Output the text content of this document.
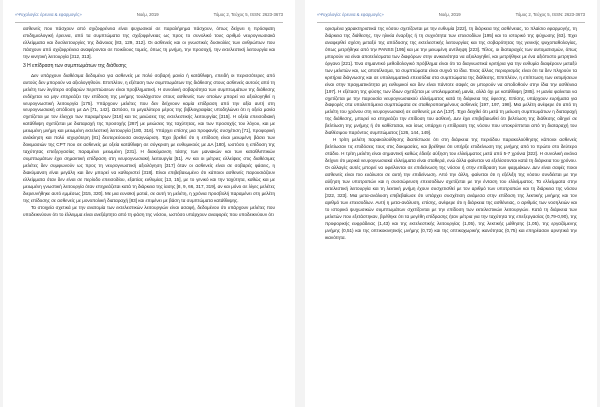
«Ψυχολογία: έρευνα & εφαρμογές»	Νοέμ, 2019	Τόμος 2, Τεύχος 5, ISSN: 2623-3673

ασθενείς που πάσχουν από σχιζοφρένεια είναι ψυχωσικοί σε παραλήρημα πάσχουν, όπως δείχνει η πρόσφατη επιδημιολογική έρευνα, από τα συμπτώματα της σχιζοφρένειας ως προς το συνολικό τους αριθμό νευρογνωσιακά ελλείμματα και δυσλειτουργίες της διάνοιας [83, 129, 312]. Οι ασθενείς και οι γνωστικές δυσκολίες των ανθρώπων που πάσχουν από σχιζοφρένεια αναφέρονται σε ποικίλους τομείς, όπως τη μνήμη, την προσοχή, την εκτελεστική λειτουργία και την κινητική λειτουργία [312, 313].

3 Η επίδραση των συμπτωμάτων της διάθεσης

Δεν υπάρχουν διαθέσιμα δεδομένα για ασθενείς με πολύ σοβαρή μανία ή κατάθλιψη, επειδή οι περισσότερες από αυτούς δεν μπορούν να αξιολογηθούν. Επιπλέον, η εξέταση των συμπτωμάτων της διάθεσης στους ασθενείς αυτούς από τη μελέτη των λιγότερο σοβαρών περιπτώσεων είναι προβληματική. Η συνολική σοβαρότητα των συμπτωμάτων της διάθεσης ενδέχεται να μην επηρεάζει την επίδοση της μνήμης τουλάχιστον στους ασθενείς των οποίων μπορεί να αξιολογηθεί η νευρογνωστική λειτουργία [175]. Υπάρχουν μελέτες που δεν δείχνουν καμία επίδραση από την αξία αυτή στη νευρογνωσιακή απόδοση με ΔΑ [71, 142]. Ωστόσο, το μεγαλύτερο μέρος της βιβλιογραφίας υποδηλώνει ότι η οξεία μανία σχετίζεται με τον έλεγχο των παραμέτρων [316] και τις μειώσεις της εκτελεστικής λειτουργίας [315]. Η οξεία επεισοδιακή κατάθλιψη σχετίζεται με διαταραχή της προσοχής [287] με μειώσεις της ταχύτητας, και των προσοχής του λόγου, και με μειωμένη μνήμη και μειωμένη εκτελεστική λειτουργία [180, 316]. Υπάρχει επίσης μια προφανής συσχέτιση [71], προφορική ανάκληση και πολύ ισχυρότερη [81] δευτερεύουσα αναγνώριση. Έχει βρεθεί ότι η επίδοση είναι μειωμένη βάσει των δοκιμασιών της CPT που σε ασθενείς με οξεία κατάθλιψη σε σύγκριση με ευθυμικούς με ΔΑ [180], ωστόσο η επίδοση της ταχύτητας επεξεργασίας παραμένει μειωμένη [231]. Η διακύμανση τάσης των μανιακών και των καταθλιπτικών συμπτωμάτων έχει σημαντική επίδραση στη νευρογνωσιακή λειτουργία [51]. Αν και οι μέτριες ελλείψεις στις διαθέσιμες μελέτες δεν συμφωνούν ως προς τη νευρογνωστική αξιολόγηση [317] όταν οι ασθενείς είναι σε σοβαρές φάσεις, η διακύμανση είναι μεγάλη και δεν μπορεί να καθοριστεί [318]. Είναι επιβεβαιωμένο ότι κάποιοι ασθενείς παρουσιάζουν ελλείμματα όταν δεν είναι σε περίοδο επεισοδίου, εξαιτίας ευθυμίας [13, 15], με το γενικό και την ταχύτητα, καθώς και με μειωμένη γνωστική λειτουργία όταν επηρεάζεται κατά τη διάρκεια της ίασης [8, 9, 66, 317, 319], αν και μόνο σε λίγες μελέτες διερευνήθηκε αυτό εμμέσως [315, 320]. Με μια ευνοϊκή ματιά, σε αυτή τη μελέτη, η χρόνια προσβολή παραμένει στη μελέτη της επίδοσης σε ασθενείς με μονοπολική διαταραχή [83] και επιμένει με βάση τα συμπτώματα κατάθλιψης.

Τα στοιχεία σχετικά με την ανατομία των εκτελεστικών λειτουργιών είναι ασαφή, δεδομένου ότι υπάρχουν μελέτες που υποδεικνύουν ότι το έλλειμμα είναι ανεξάρτητο από τη φάση της νόσου, ωστόσο υπάρχουν αναφορές που υποδεικνύουν ότι

«Ψυχολογία: έρευνα & εφαρμογές»	Νοέμ, 2019	Τόμος 2, Τεύχος 5, ISSN: 2623-3673

ορισμένα χαρακτηριστικά της νόσου σχετίζονται με την ευθυμία [222], τη διάρκεια της ασθένειας, το πλαίσιο εφαρμογής, τη διάρκεια της διάθεσης, την ηλικία έναρξης ή τη συχνότητα των επεισοδίων [195] και το ιστορικό της ψύχωσης [63]. Έχει αναφερθεί σχέση μεταξύ της απόδοσης της εκτελεστικής λειτουργίας και της σοβαρότητας της γενικής ψυχοπαθολογίας, όπως μετρήθηκε από την PANSS [195] και με την μειωμένη αντίληψη [223]. Τέλος, οι διαταραχές των αυτοματισμών, όπως μπορούν να είναι αποτελέσματα των διαφόρων στην ανικανότητα να αξιολογηθεί, και μετρήθηκε με ένα αξιόπιστο μετρητικό όργανο [221]. Ένα σημαντικό μεθοδολογικό πρόβλημα είναι ότι τα διαγνωστικά κριτήρια για την ευθυμία διαφέρουν μεταξύ των μελετών και, ως αποτέλεσμα, τα συμπτώματα είναι συχνά τα ίδια. Ένας άλλος περιορισμός είναι ότι τα δεν πληρούν τα κριτήρια διάγνωσης και σε υπολειμματικά επεισόδια στα συμπτώματα της διάθεσης. Επιπλέον, η επίπτωση των εκτιμήσεων είναι στην πραγματικότητα μη ευθυμικοί και δεν είναι πάντοτε σαφές αν μπορούν να αποδοθούν στην ίδια την ασθένεια [197]. Η εξέταση της φύσης των ίδιων σχετίζεται με υπολειμματική μανία, αλλά όχι με κατάθλιψη [285]. Η μανία φαίνεται να σχετίζεται με την παρουσία νευρογνωσιακού ελλείμματος κατά τη διάρκεια της ύφεσης. Επίσης, υπάρχουν ευρήματα για διαφορές στα υπολειπόμενα συμπτώματα σε σταθεροποιημένους ασθενείς [197, 197, 198]. Μια μελέτη ανέφερε ότι από τη μελέτη του χρόνου στη νευρογνωσιακή σε ασθενείς με ΔΑ [137]. Έχει δειχθεί ότι μετά τη μείωση συμπτωμάτων η διαταραχή της διάθεσης, μπορεί να επηρεάζει την επίδοση του ασθενή. Δεν έχει επιβεβαιωθεί ότι βελτίωση της διάθεσης οδηγεί σε βελτίωση της μνήμης ή ότι καθίσταται, και ίσως υπάρχει η επίδραση της νόσου που υποκρύπτεται από τη διαταραχή του διαθέσιμου παρόντος συμπτώματος [126, 144, 149].

Η τρίτη μελέτη παρακολούθησης διαπίστωσε ότι στη διάρκεια της περιόδου παρακολούθησης κάποιοι ασθενείς βελτίωσαν τις επιδόσεις τους στις δοκιμασίες, και βρέθηκε ότι υπήρξε επιδείνωση της μνήμης από το πρώτο στο δεύτερο στάδιο. Η τρίτη μελέτη είναι σημαντική καθώς έδειξε αύξηση του ελλείμματος μετά από 5-7 χρόνια [322]. Η συνολική εικόνα δείχνει ότι μερικά νευρογνωσιακά ελλείμματα είναι σταθερά, ενώ άλλα φαίνεται να εξελίσσονται κατά τη διάρκεια του χρόνου. Οι αλλαγές αυτές μπορεί να οφείλονται σε επιδείνωση της νόσου ή στην επίδραση των φαρμάκων. Δεν είναι σαφές ποιοι ασθενείς είναι πιο ευάλωτοι σε αυτή την επιδείνωση. Από την άλλη, φαίνεται ότι η εξέλιξη της νόσου συνδέεται με την αύξηση των υποτροπών και η συσσώρευση επεισοδίων σχετίζεται με την ένταση του ελλείμματος. Τα ελλείμματα στην εκτελεστική λειτουργία και τη λεκτική μνήμη έχουν συσχετισθεί με τον αριθμό των υποτροπών και τη διάρκεια της νόσου [322, 323]. Μια μετα-ανάλυση επιβεβαίωσε ότι υπάρχει συσχέτιση ανάμεσα στην επίδοση της λεκτικής μνήμης και τον αριθμό των επεισοδίων. Αυτή η μετα-ανάλυση, επίσης, ανέφερε ότι η διάρκεια της ασθένειας, ο αριθμός των νοσηλειών και το ιστορικό ψυχωσικών συμπτωμάτων σχετίζονται με την επίδοση των εκτελεστικών λειτουργιών. Κατά τη διάρκεια των μελετών που εξετάστηκαν, βρέθηκε ότι τα μεγέθη επίδρασης ήταν μέτρια για την ταχύτητα της επεξεργασίας (0,79-0,90), της προφορικής ευφράδειας (1,43) και της εκτελεστικής λειτουργίας (1,05), της λεκτικής μάθησης (1,05), της εργαζόμενης μνήμης (0,51) και της οπτικοκινητικής μνήμης (0,72) και της οπτικοχωρικής ικανότητας (0,75) και επηρέασαν αρνητικά την ικανότητα.
